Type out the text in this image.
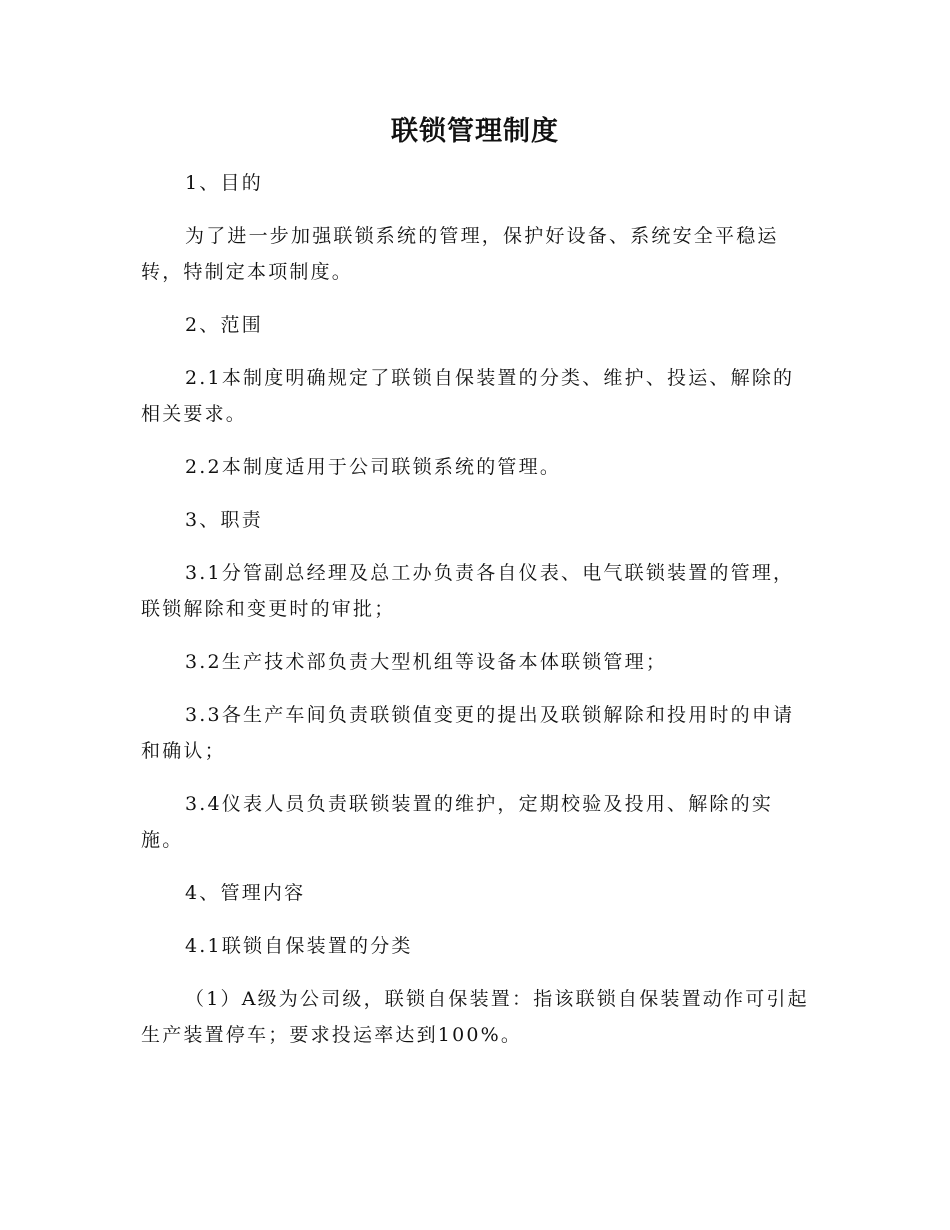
联锁管理制度

1、目的

为了进一步加强联锁系统的管理，保护好设备、系统安全平稳运转，特制定本项制度。

2、范围

2.1本制度明确规定了联锁自保装置的分类、维护、投运、解除的相关要求。

2.2本制度适用于公司联锁系统的管理。

3、职责

3.1分管副总经理及总工办负责各自仪表、电气联锁装置的管理，联锁解除和变更时的审批；

3.2生产技术部负责大型机组等设备本体联锁管理；

3.3各生产车间负责联锁值变更的提出及联锁解除和投用时的申请和确认；

3.4仪表人员负责联锁装置的维护，定期校验及投用、解除的实施。

4、管理内容

4.1联锁自保装置的分类

（1）A级为公司级，联锁自保装置：指该联锁自保装置动作可引起生产装置停车；要求投运率达到100%。
